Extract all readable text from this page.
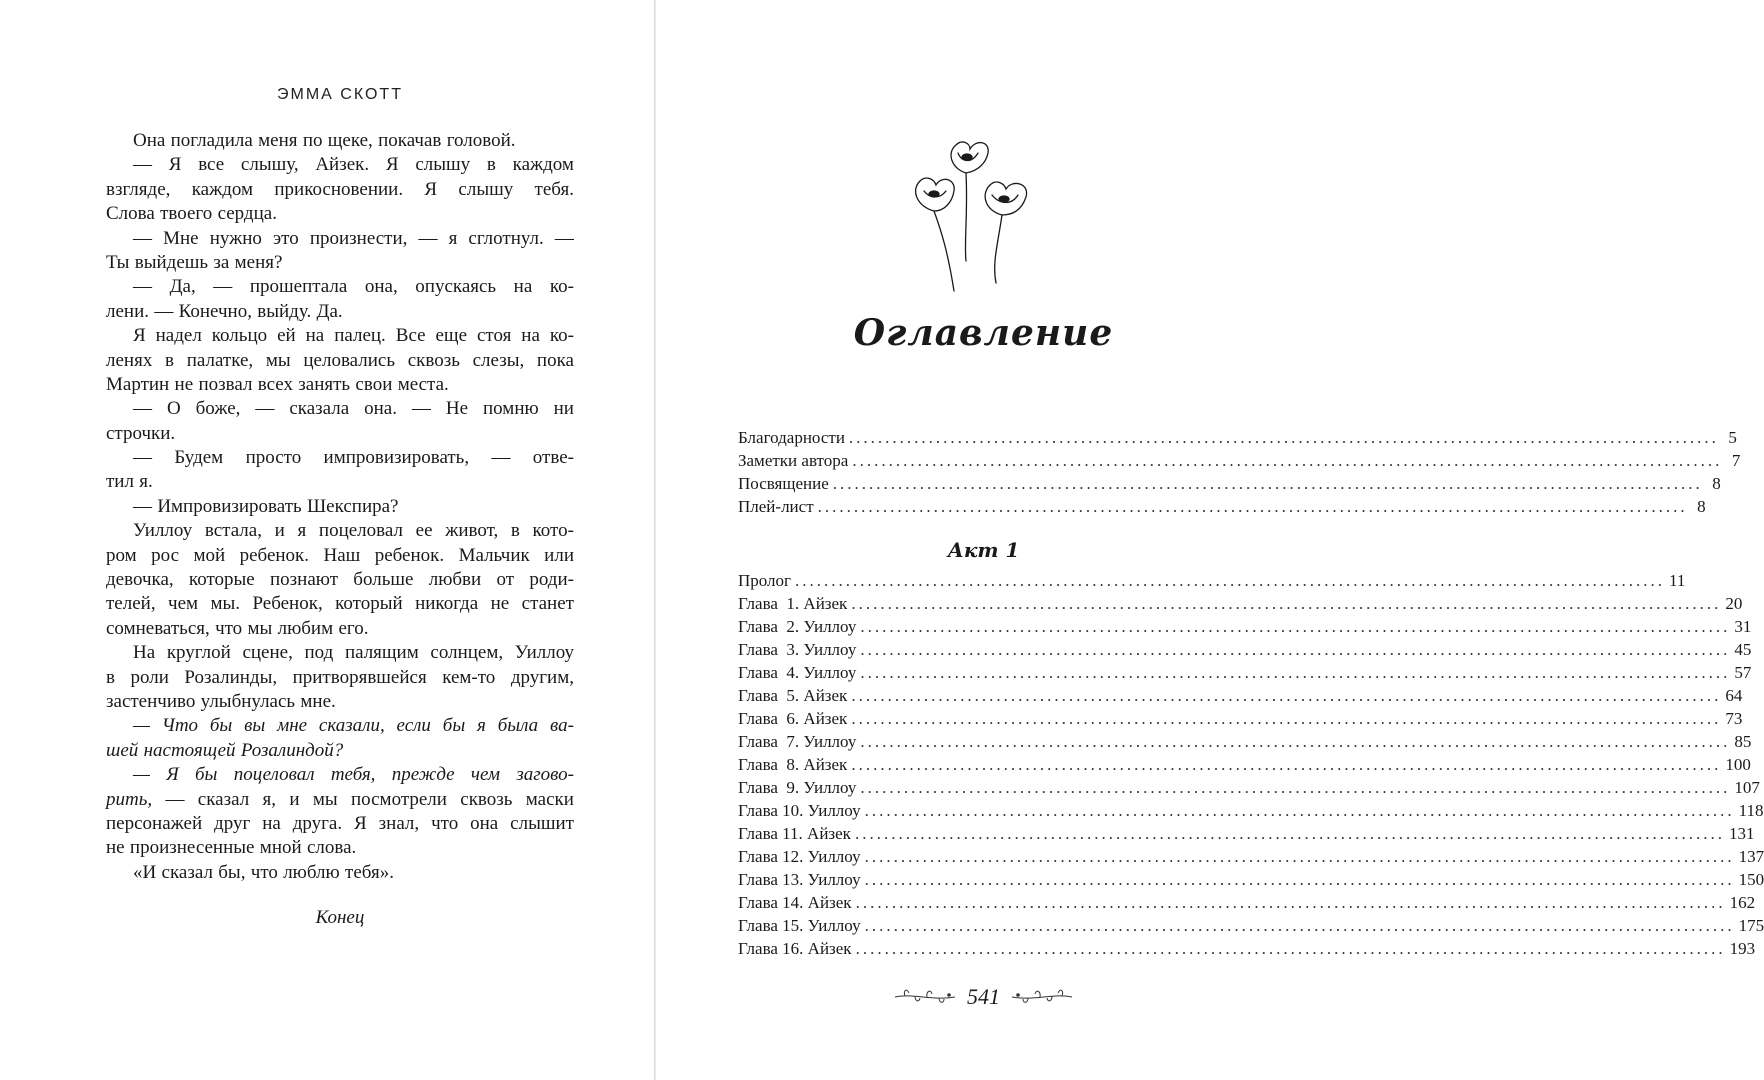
ЭММА СКОТТ
Она погладила меня по щеке, покачав головой.
— Я все слышу, Айзек. Я слышу в каждом
взгляде, каждом прикосновении. Я слышу тебя.
Слова твоего сердца.
— Мне нужно это произнести, — я сглотнул. —
Ты выйдешь за меня?
— Да, — прошептала она, опускаясь на ко-
лени. — Конечно, выйду. Да.
Я надел кольцо ей на палец. Все еще стоя на ко-
ленях в палатке, мы целовались сквозь слезы, пока
Мартин не позвал всех занять свои места.
— О боже, — сказала она. — Не помню ни
строчки.
— Будем просто импровизировать, — отве-
тил я.
— Импровизировать Шекспира?
Уиллоу встала, и я поцеловал ее живот, в кото-
ром рос мой ребенок. Наш ребенок. Мальчик или
девочка, которые познают больше любви от роди-
телей, чем мы. Ребенок, который никогда не станет
сомневаться, что мы любим его.
На круглой сцене, под палящим солнцем, Уиллоу
в роли Розалинды, притворявшейся кем-то другим,
застенчиво улыбнулась мне.
— Что бы вы мне сказали, если бы я была ва-
шей настоящей Розалиндой?
— Я бы поцеловал тебя, прежде чем загово-
рить, — сказал я, и мы посмотрели сквозь маски
персонажей друг на друга. Я знал, что она слышит
не произнесенные мной слова.
«И сказал бы, что люблю тебя».
Конец
Оглавление
Благодарности ........................................................................................................................ 5
Заметки автора ........................................................................................................................ 7
Посвящение ........................................................................................................................ 8
Плей-лист ........................................................................................................................ 8
Акт 1
Пролог ........................................................................................................................ 11
Глава  1. Айзек ........................................................................................................................ 20
Глава  2. Уиллоу ........................................................................................................................ 31
Глава  3. Уиллоу ........................................................................................................................ 45
Глава  4. Уиллоу ........................................................................................................................ 57
Глава  5. Айзек ........................................................................................................................ 64
Глава  6. Айзек ........................................................................................................................ 73
Глава  7. Уиллоу ........................................................................................................................ 85
Глава  8. Айзек ........................................................................................................................ 100
Глава  9. Уиллоу ........................................................................................................................ 107
Глава 10. Уиллоу ........................................................................................................................ 118
Глава 11. Айзек ........................................................................................................................ 131
Глава 12. Уиллоу ........................................................................................................................ 137
Глава 13. Уиллоу ........................................................................................................................ 150
Глава 14. Айзек ........................................................................................................................ 162
Глава 15. Уиллоу ........................................................................................................................ 175
Глава 16. Айзек ........................................................................................................................ 193
541
